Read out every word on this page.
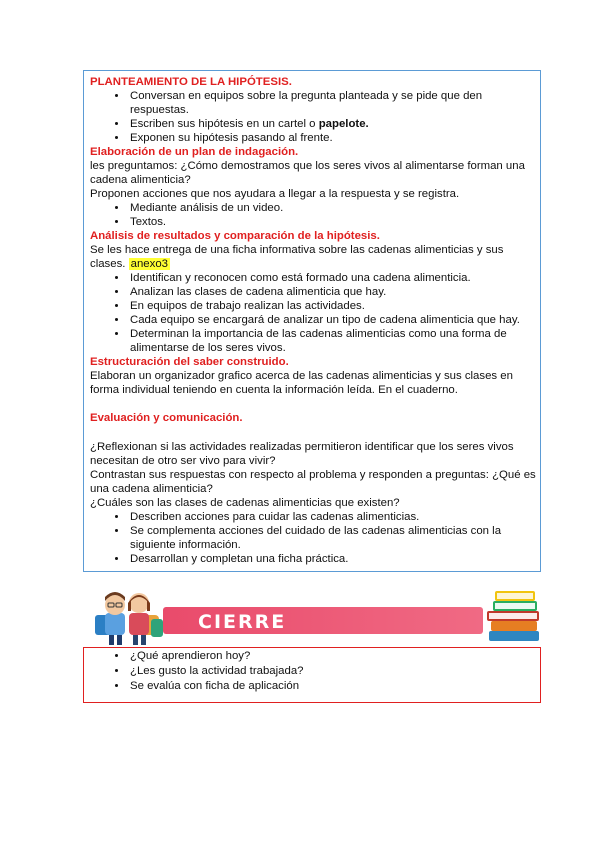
PLANTEAMIENTO DE LA HIPÓTESIS.

• Conversan en equipos sobre la pregunta planteada y se pide que den respuestas.
• Escriben sus hipótesis en un cartel o papelote.
• Exponen su hipótesis pasando al frente.

Elaboración de un plan de indagación.

les preguntamos: ¿Cómo demostramos que los seres vivos al alimentarse forman una cadena alimenticia?

Proponen acciones que nos ayudara a llegar a la respuesta y se registra.

• Mediante análisis de un video.
• Textos.

Análisis de resultados y comparación de la hipótesis.

Se les hace entrega de una ficha informativa sobre las cadenas alimenticias y sus clases. anexo3

• Identifican y reconocen como está formado una cadena alimenticia.
• Analizan las clases de cadena alimenticia que hay.
• En equipos de trabajo realizan las actividades.
• Cada equipo se encargará de analizar un tipo de cadena alimenticia que hay.
• Determinan la importancia de las cadenas alimenticias como una forma de alimentarse de los seres vivos.

Estructuración del saber construido.

Elaboran un organizador grafico acerca de las cadenas alimenticias y sus clases en forma individual teniendo en cuenta la información leída. En el cuaderno.

Evaluación y comunicación.

¿Reflexionan si las actividades realizadas permitieron identificar que los seres vivos necesitan de otro ser vivo para vivir?

Contrastan sus respuestas con respecto al problema y responden a preguntas: ¿Qué es una cadena alimenticia?

¿Cuáles son las clases de cadenas alimenticias que existen?

• Describen acciones para cuidar las cadenas alimenticias.
• Se complementa acciones del cuidado de las cadenas alimenticias con la siguiente información.
• Desarrollan y completan una ficha práctica.
CIERRE
• ¿Qué aprendieron hoy?
• ¿Les gusto la actividad trabajada?
• Se evalúa con ficha de aplicación
